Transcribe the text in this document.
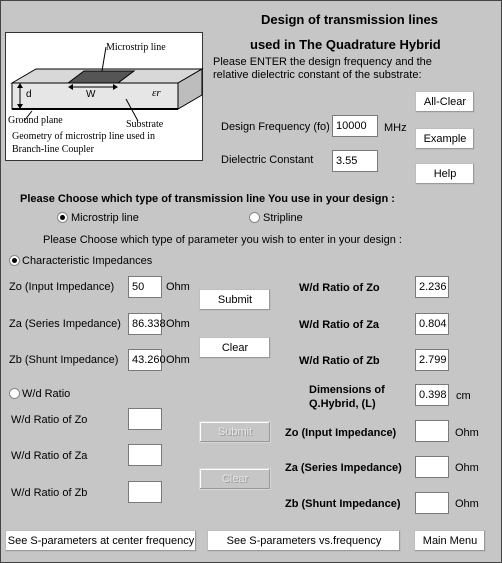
Microstrip line
d	W	εr
Ground plane	Substrate
Geometry of microstrip line used in
Branch-line Coupler
Design of transmission lines
used in The Quadrature Hybrid
Please ENTER the design frequency and the
relative dielectric constant of the substrate:
Design Frequency (fo) 10000	MHz
Dielectric Constant	3.55
All-Clear
Example
Help
Please Choose which type of transmission line You use in your design :
Microstrip line	Stripline
Please Choose which type of parameter you wish to enter in your design :
Characteristic Impedances
Zo (Input Impedance)	50	Ohm
Za (Series Impedance)	86.338 Ohm
Zb (Shunt Impedance)	43.260 Ohm
Submit
Clear
W/d Ratio of Zo	2.236
W/d Ratio of Za	0.804
W/d Ratio of Zb	2.799
Dimensions of
Q.Hybrid, (L)
0.398 cm
W/d Ratio
W/d Ratio of Zo
W/d Ratio of Za
W/d Ratio of Zb
Submit
Clear
Zo (Input Impedance)	Ohm
Za (Series Impedance)	Ohm
Zb (Shunt Impedance)	Ohm
See S-parameters at center frequency	See S-parameters vs.frequency	Main Menu
